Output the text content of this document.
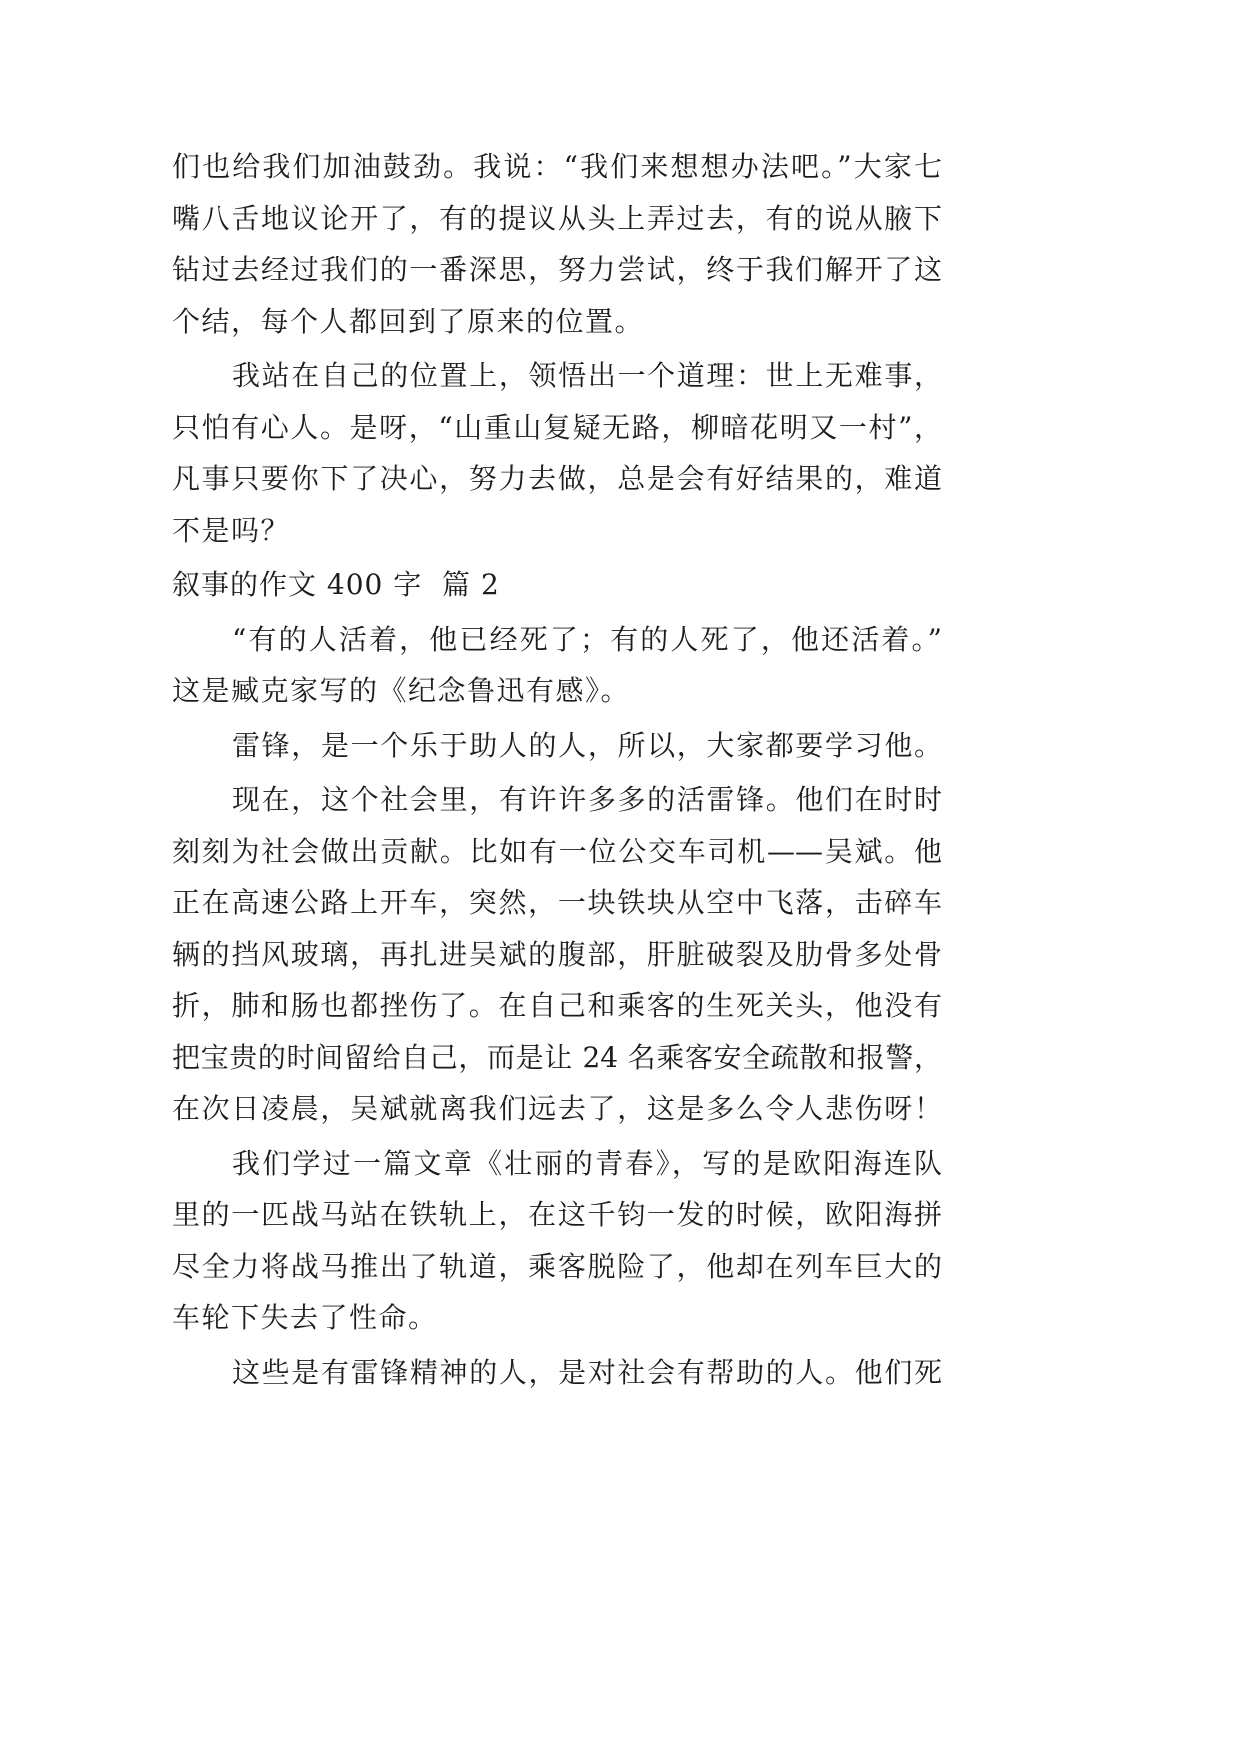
们也给我们加油鼓劲。我说：“我们来想想办法吧。”大家七
嘴八舌地议论开了，有的提议从头上弄过去，有的说从腋下
钻过去经过我们的一番深思，努力尝试，终于我们解开了这
个结，每个人都回到了原来的位置。
我站在自己的位置上，领悟出一个道理：世上无难事，
只怕有心人。是呀，“山重山复疑无路，柳暗花明又一村”，
凡事只要你下了决心，努力去做，总是会有好结果的，难道
不是吗？
叙事的作文 400 字  篇 2
“有的人活着，他已经死了；有的人死了，他还活着。”
这是臧克家写的《纪念鲁迅有感》。
雷锋，是一个乐于助人的人，所以，大家都要学习他。
现在，这个社会里，有许许多多的活雷锋。他们在时时
刻刻为社会做出贡献。比如有一位公交车司机——吴斌。他
正在高速公路上开车，突然，一块铁块从空中飞落，击碎车
辆的挡风玻璃，再扎进吴斌的腹部，肝脏破裂及肋骨多处骨
折，肺和肠也都挫伤了。在自己和乘客的生死关头，他没有
把宝贵的时间留给自己，而是让 24 名乘客安全疏散和报警，
在次日凌晨，吴斌就离我们远去了，这是多么令人悲伤呀！
我们学过一篇文章《壮丽的青春》，写的是欧阳海连队
里的一匹战马站在铁轨上，在这千钧一发的时候，欧阳海拼
尽全力将战马推出了轨道，乘客脱险了，他却在列车巨大的
车轮下失去了性命。
这些是有雷锋精神的人，是对社会有帮助的人。他们死
